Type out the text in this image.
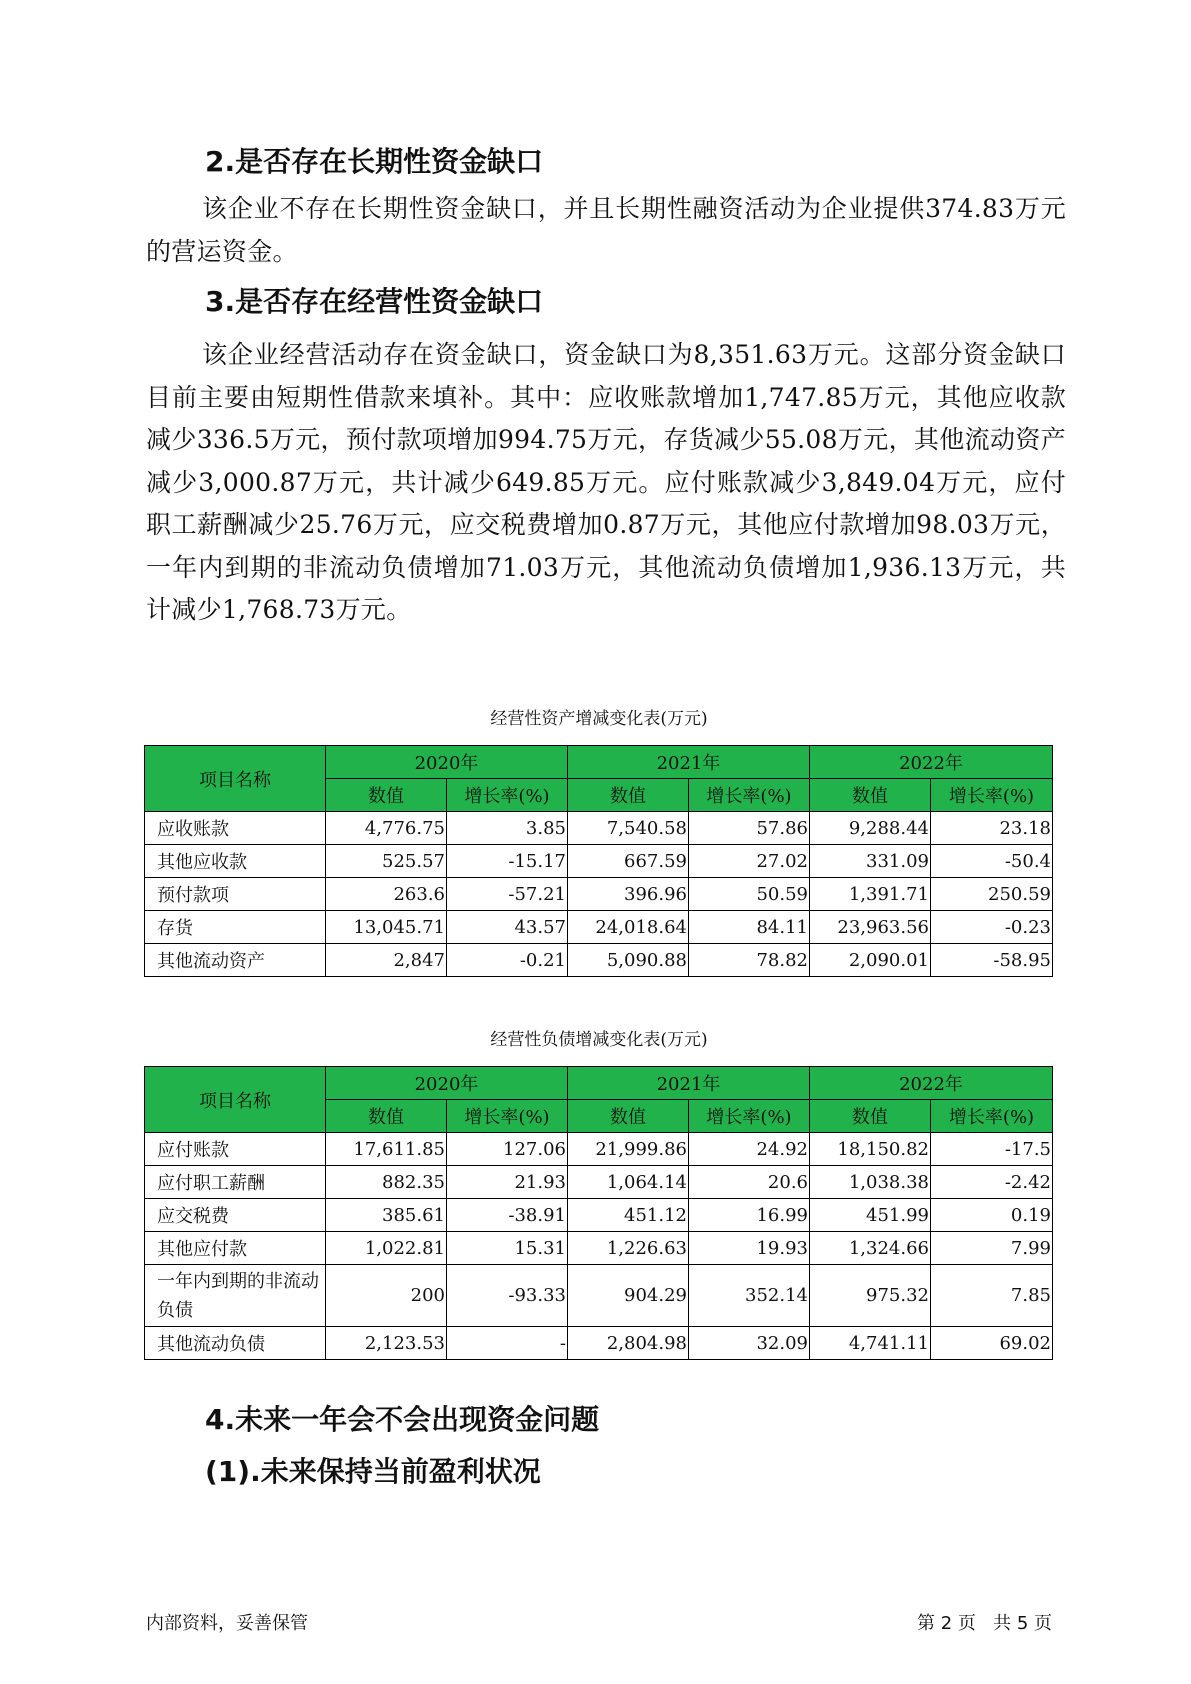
2.是否存在长期性资金缺口

该企业不存在长期性资金缺口，并且长期性融资活动为企业提供374.83万元的营运资金。

3.是否存在经营性资金缺口

该企业经营活动存在资金缺口，资金缺口为8,351.63万元。这部分资金缺口目前主要由短期性借款来填补。其中：应收账款增加1,747.85万元，其他应收款减少336.5万元，预付款项增加994.75万元，存货减少55.08万元，其他流动资产减少3,000.87万元，共计减少649.85万元。应付账款减少3,849.04万元，应付职工薪酬减少25.76万元，应交税费增加0.87万元，其他应付款增加98.03万元，一年内到期的非流动负债增加71.03万元，其他流动负债增加1,936.13万元，共计减少1,768.73万元。

经营性资产增减变化表(万元)

项目名称	2020年		2021年		2022年	
	数值	增长率(%)	数值	增长率(%)	数值	增长率(%)
应收账款	4,776.75	3.85	7,540.58	57.86	9,288.44	23.18
其他应收款	525.57	-15.17	667.59	27.02	331.09	-50.4
预付款项	263.6	-57.21	396.96	50.59	1,391.71	250.59
存货	13,045.71	43.57	24,018.64	84.11	23,963.56	-0.23
其他流动资产	2,847	-0.21	5,090.88	78.82	2,090.01	-58.95

经营性负债增减变化表(万元)

项目名称	2020年		2021年		2022年	
	数值	增长率(%)	数值	增长率(%)	数值	增长率(%)
应付账款	17,611.85	127.06	21,999.86	24.92	18,150.82	-17.5
应付职工薪酬	882.35	21.93	1,064.14	20.6	1,038.38	-2.42
应交税费	385.61	-38.91	451.12	16.99	451.99	0.19
其他应付款	1,022.81	15.31	1,226.63	19.93	1,324.66	7.99
一年内到期的非流动负债	200	-93.33	904.29	352.14	975.32	7.85
其他流动负债	2,123.53	-	2,804.98	32.09	4,741.11	69.02
4.未来一年会不会出现资金问题
(1).未来保持当前盈利状况

内部资料，妥善保管	第 2 页   共 5 页
